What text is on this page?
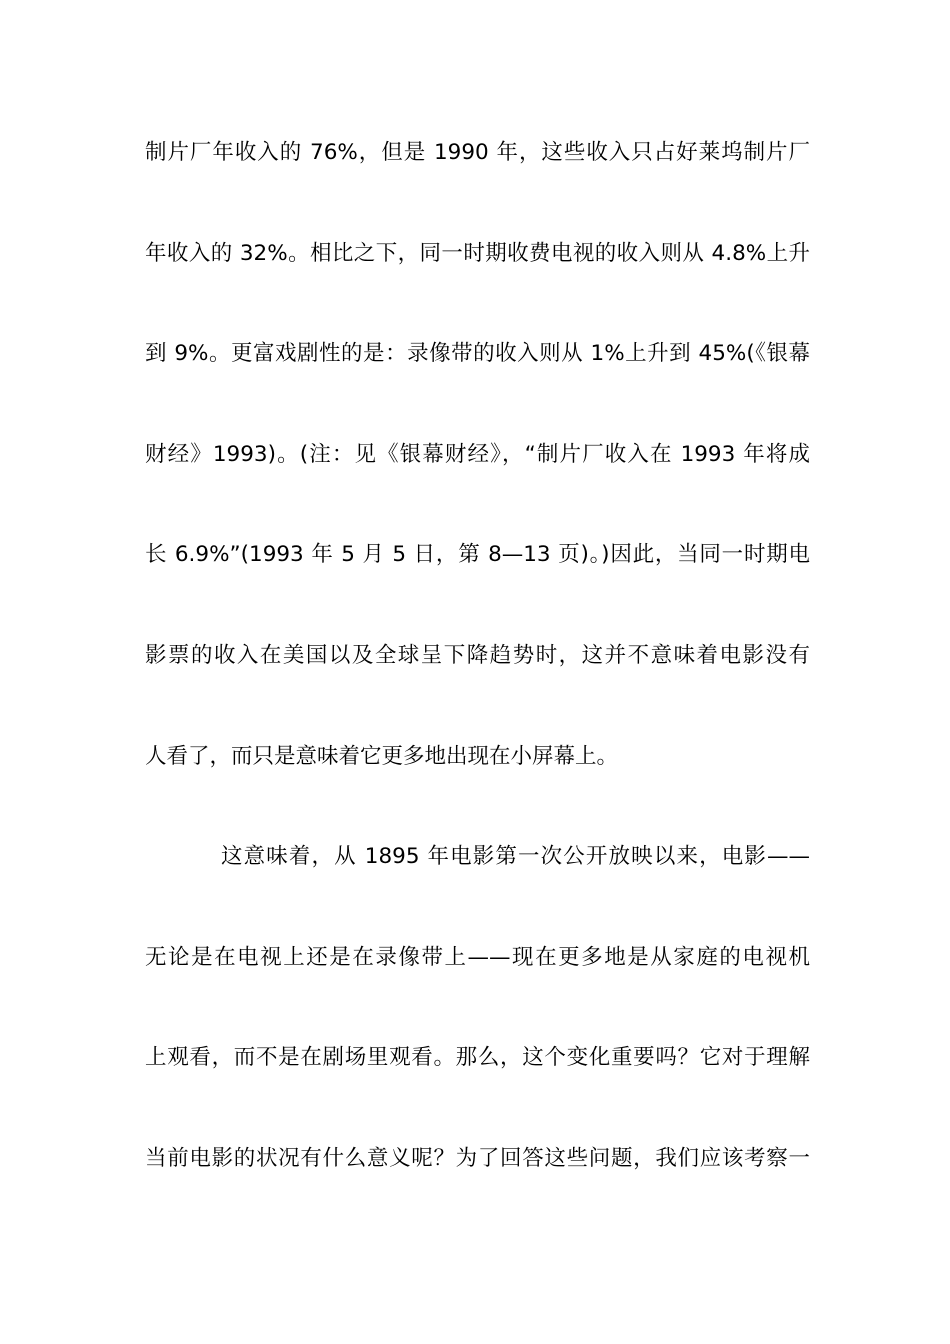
制片厂年收入的 76%，但是 1990 年，这些收入只占好莱坞制片厂
年收入的 32%。相比之下，同一时期收费电视的收入则从 4.8%上升
到 9%。更富戏剧性的是：录像带的收入则从 1%上升到 45%(《银幕
财经》1993)。(注：见《银幕财经》，“制片厂收入在 1993 年将成
长 6.9%”(1993 年 5 月 5 日，第 8—13 页)。)因此，当同一时期电
影票的收入在美国以及全球呈下降趋势时，这并不意味着电影没有
人看了，而只是意味着它更多地出现在小屏幕上。
这意味着，从 1895 年电影第一次公开放映以来，电影——
无论是在电视上还是在录像带上——现在更多地是从家庭的电视机
上观看，而不是在剧场里观看。那么，这个变化重要吗？它对于理解
当前电影的状况有什么意义呢？为了回答这些问题，我们应该考察一
